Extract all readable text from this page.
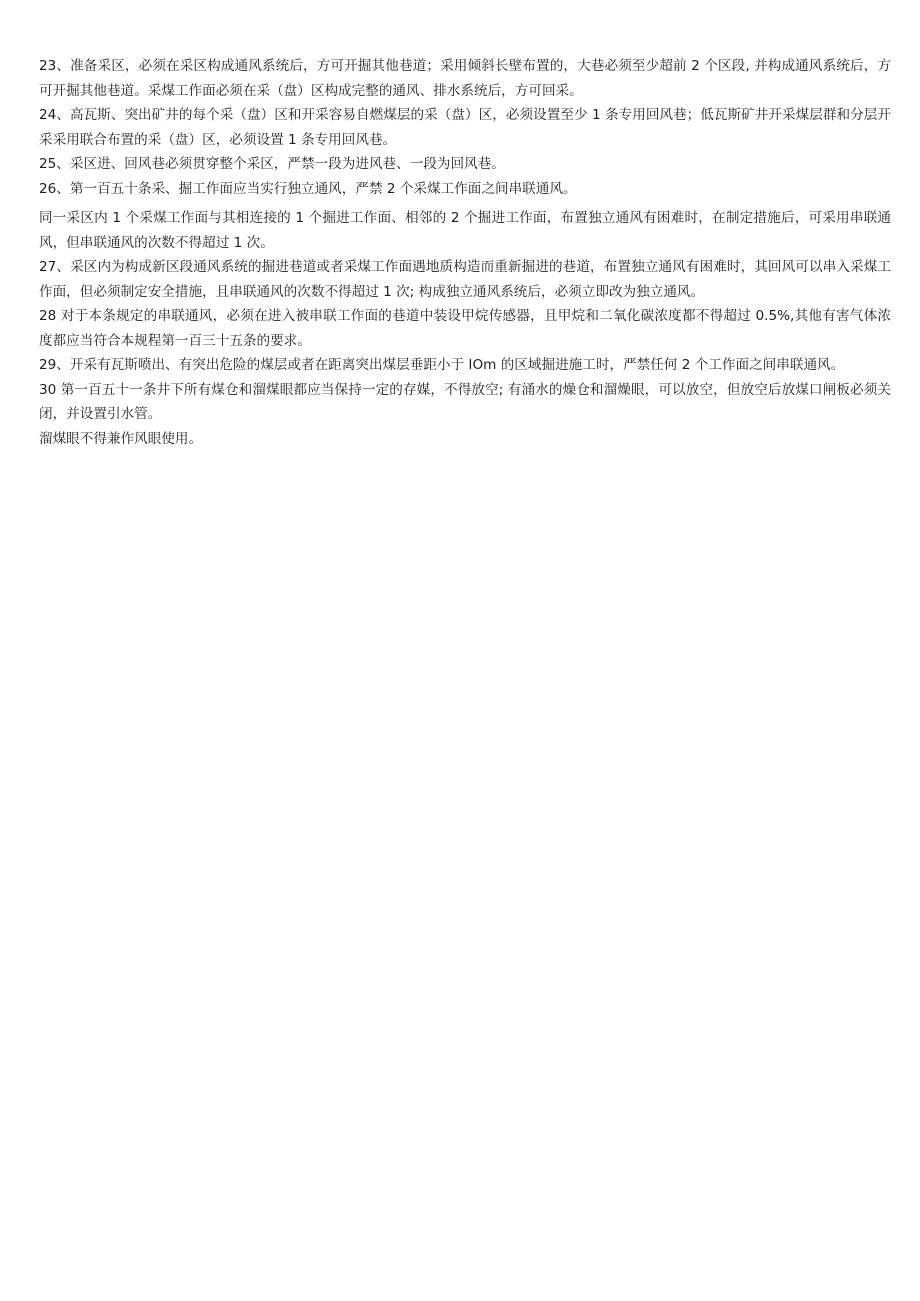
23、准备采区，必须在采区构成通风系统后，方可开掘其他巷道；采用倾斜长壁布置的，大巷必须至少超前 2 个区段, 并构成通风系统后，方可开掘其他巷道。采煤工作面必须在采（盘）区构成完整的通风、排水系统后，方可回采。

24、高瓦斯、突出矿井的每个采（盘）区和开采容易自燃煤层的采（盘）区，必须设置至少 1 条专用回风巷；低瓦斯矿井开采煤层群和分层开采采用联合布置的采（盘）区，必须设置 1 条专用回风巷。

25、采区进、回风巷必须贯穿整个采区，严禁一段为进风巷、一段为回风巷。

26、第一百五十条采、掘工作面应当实行独立通风，严禁 2 个采煤工作面之间串联通风。

同一采区内 1 个采煤工作面与其相连接的 1 个掘进工作面、相邻的 2 个掘进工作面，布置独立通风有困难时，在制定措施后，可采用串联通风，但串联通风的次数不得超过 1 次。

27、采区内为构成新区段通风系统的掘进巷道或者采煤工作面遇地质构造而重新掘进的巷道，布置独立通风有困难时，其回风可以串入采煤工作面，但必须制定安全措施，且串联通风的次数不得超过 1 次; 构成独立通风系统后，必须立即改为独立通风。

28 对于本条规定的串联通风，必须在进入被串联工作面的巷道中装设甲烷传感器，且甲烷和二氧化碳浓度都不得超过 0.5%,其他有害气体浓度都应当符合本规程第一百三十五条的要求。

29、开采有瓦斯喷出、有突出危险的煤层或者在距离突出煤层垂距小于 IOm 的区域掘进施工时，严禁任何 2 个工作面之间串联通风。

30 第一百五十一条井下所有煤仓和溜煤眼都应当保持一定的存媒，不得放空; 有涌水的燥仓和溜燥眼，可以放空，但放空后放煤口闸板必须关闭，并设置引水管。

溜煤眼不得兼作风眼使用。
